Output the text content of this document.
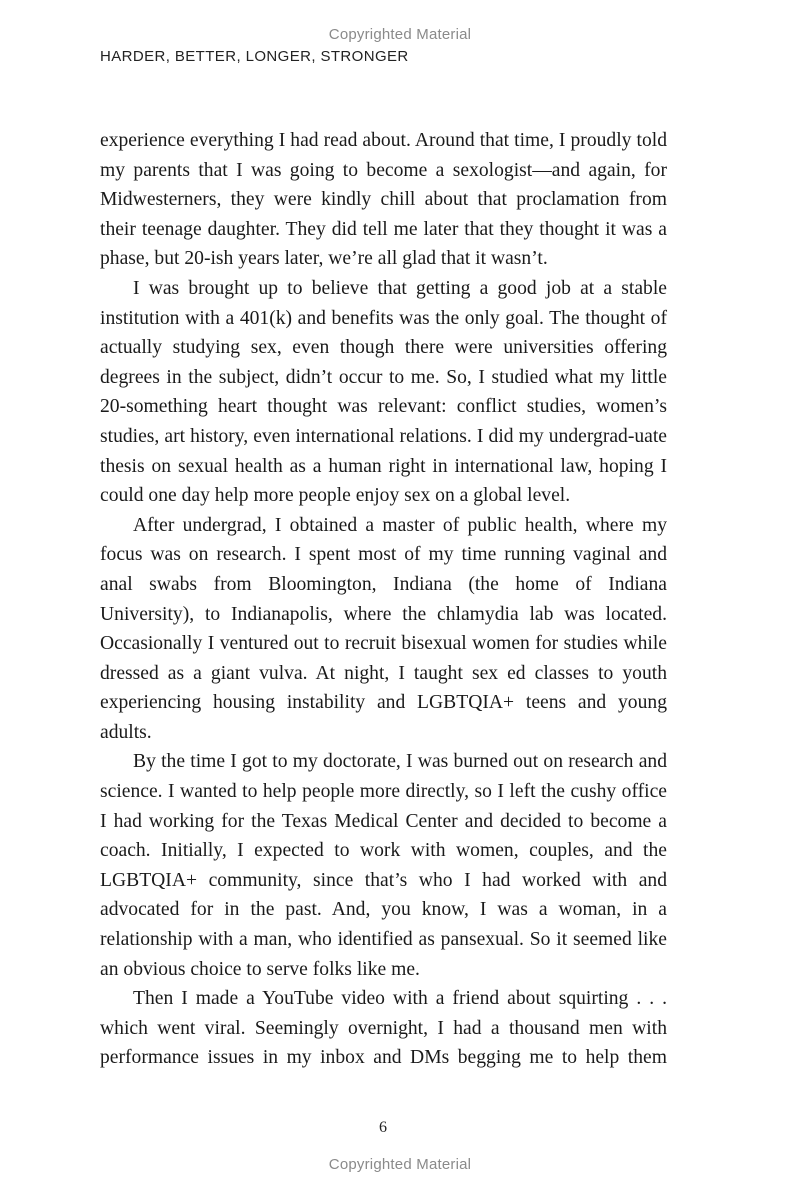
Copyrighted Material
HARDER, BETTER, LONGER, STRONGER

experience everything I had read about. Around that time, I proudly told my parents that I was going to become a sexologist—and again, for Midwesterners, they were kindly chill about that proclamation from their teenage daughter. They did tell me later that they thought it was a phase, but 20-ish years later, we’re all glad that it wasn’t.

I was brought up to believe that getting a good job at a stable institution with a 401(k) and benefits was the only goal. The thought of actually studying sex, even though there were universities offering degrees in the subject, didn’t occur to me. So, I studied what my little 20-something heart thought was relevant: conflict studies, women’s studies, art history, even international relations. I did my undergrad-uate thesis on sexual health as a human right in international law, hoping I could one day help more people enjoy sex on a global level.

After undergrad, I obtained a master of public health, where my focus was on research. I spent most of my time running vaginal and anal swabs from Bloomington, Indiana (the home of Indiana University), to Indianapolis, where the chlamydia lab was located. Occasionally I ventured out to recruit bisexual women for studies while dressed as a giant vulva. At night, I taught sex ed classes to youth experiencing housing instability and LGBTQIA+ teens and young adults.

By the time I got to my doctorate, I was burned out on research and science. I wanted to help people more directly, so I left the cushy office I had working for the Texas Medical Center and decided to become a coach. Initially, I expected to work with women, couples, and the LGBTQIA+ community, since that’s who I had worked with and advocated for in the past. And, you know, I was a woman, in a relationship with a man, who identified as pansexual. So it seemed like an obvious choice to serve folks like me.

Then I made a YouTube video with a friend about squirting . . . which went viral. Seemingly overnight, I had a thousand men with performance issues in my inbox and DMs begging me to help them

6
Copyrighted Material
